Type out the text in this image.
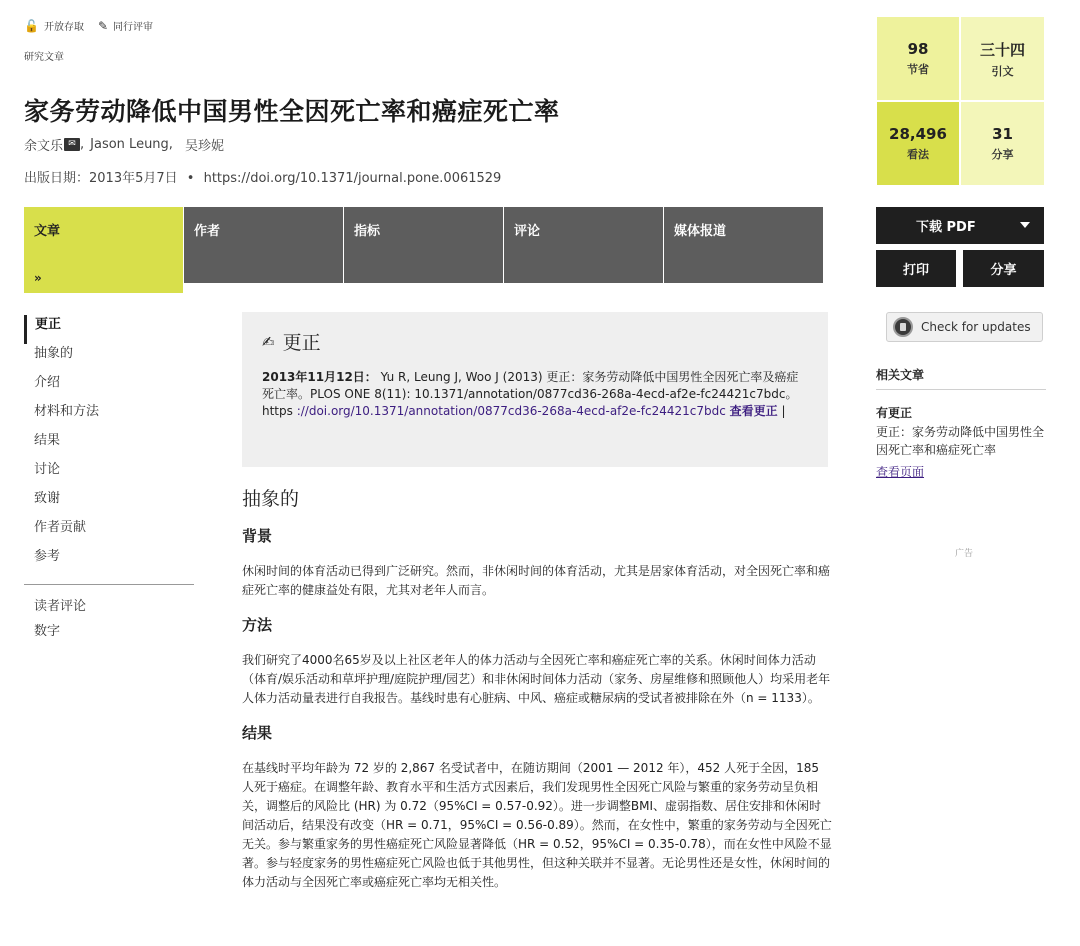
🔓 开放存取 ✎ 同行评审
研究文章
家务劳动降低中国男性全因死亡率和癌症死亡率
余文乐 ✉ , Jason Leung, 吴珍妮
出版日期：2013年5月7日 • https://doi.org/10.1371/journal.pone.0061529
文章
»
作者	指标	评论	媒体报道
更正
抽象的
介绍
材料和方法
结果
讨论
致谢
作者贡献
参考
读者评论
数字
✍ 更正
2013年11月12日： Yu R, Leung J, Woo J (2013) 更正：家务劳动降低中国男性全因死亡率及癌症死亡率。PLOS ONE 8(11): 10.1371/annotation/0877cd36-268a-4ecd-af2e-fc24421c7bdc。https ://doi.org/10.1371/annotation/0877cd36-268a-4ecd-af2e-fc24421c7bdc 查看更正 |
抽象的
背景

休闲时间的体育活动已得到广泛研究。然而，非休闲时间的体育活动，尤其是居家体育活动，对全因死亡率和癌症死亡率的健康益处有限，尤其对老年人而言。

方法

我们研究了4000名65岁及以上社区老年人的体力活动与全因死亡率和癌症死亡率的关系。休闲时间体力活动（体育/娱乐活动和草坪护理/庭院护理/园艺）和非休闲时间体力活动（家务、房屋维修和照顾他人）均采用老年人体力活动量表进行自我报告。基线时患有心脏病、中风、癌症或糖尿病的受试者被排除在外（n = 1133）。

结果

在基线时平均年龄为 72 岁的 2,867 名受试者中，在随访期间（2001 — 2012 年），452 人死于全因，185 人死于癌症。在调整年龄、教育水平和生活方式因素后，我们发现男性全因死亡风险与繁重的家务劳动呈负相关，调整后的风险比 (HR) 为 0.72（95%CI = 0.57-0.92）。进一步调整BMI、虚弱指数、居住安排和休闲时间活动后，结果没有改变（HR = 0.71，95%CI = 0.56-0.89）。然而，在女性中，繁重的家务劳动与全因死亡无关。参与繁重家务的男性癌症死亡风险显著降低（HR = 0.52，95%CI = 0.35-0.78），而在女性中风险不显著。参与轻度家务的男性癌症死亡风险也低于其他男性，但这种关联并不显著。无论男性还是女性，休闲时间的体力活动与全因死亡率或癌症死亡率均无相关性。

98
节省
三十四
引文
28,496
看法
31
分享
下载 PDF
打印	分享
Check for updates
相关文章
有更正
更正：家务劳动降低中国男性全因死亡率和癌症死亡率
查看页面
广告
